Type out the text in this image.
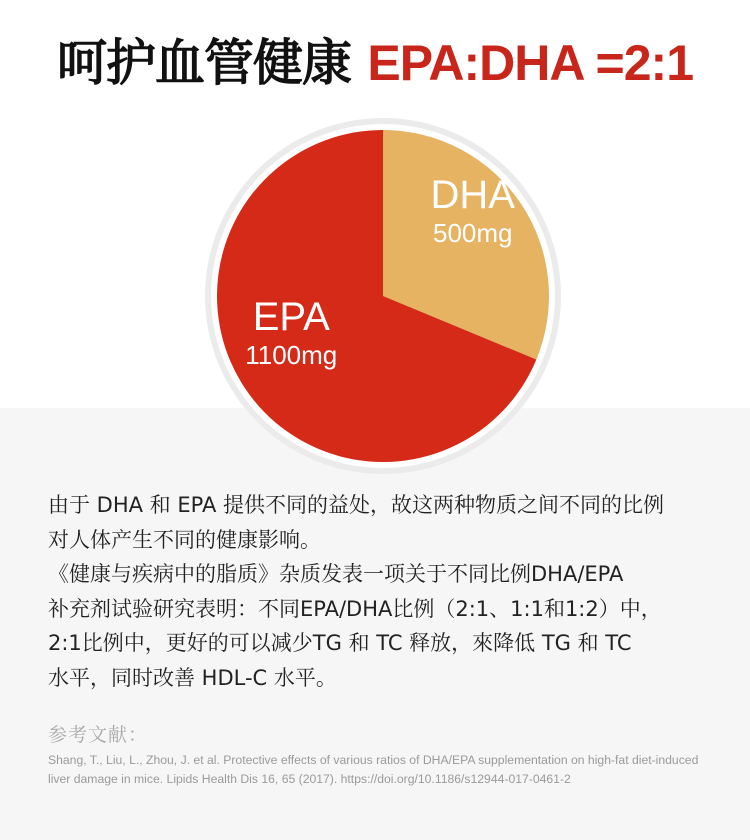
呵护血管健康 EPA:DHA =2:1
DHA
500mg
EPA
1100mg

由于 DHA 和 EPA 提供不同的益处，故这两种物质之间不同的比例

对人体产生不同的健康影响。

《健康与疾病中的脂质》杂质发表一项关于不同比例DHA/EPA

补充剂试验研究表明：不同EPA/DHA比例（2:1、1:1和1:2）中，

2:1比例中，更好的可以减少TG 和 TC 释放，來降低 TG 和 TC

水平，同时改善 HDL-C 水平。

参考文献：
Shang, T., Liu, L., Zhou, J. et al. Protective effects of various ratios of DHA/EPA supplementation on high-fat diet-induced
liver damage in mice. Lipids Health Dis 16, 65 (2017). https://doi.org/10.1186/s12944-017-0461-2
